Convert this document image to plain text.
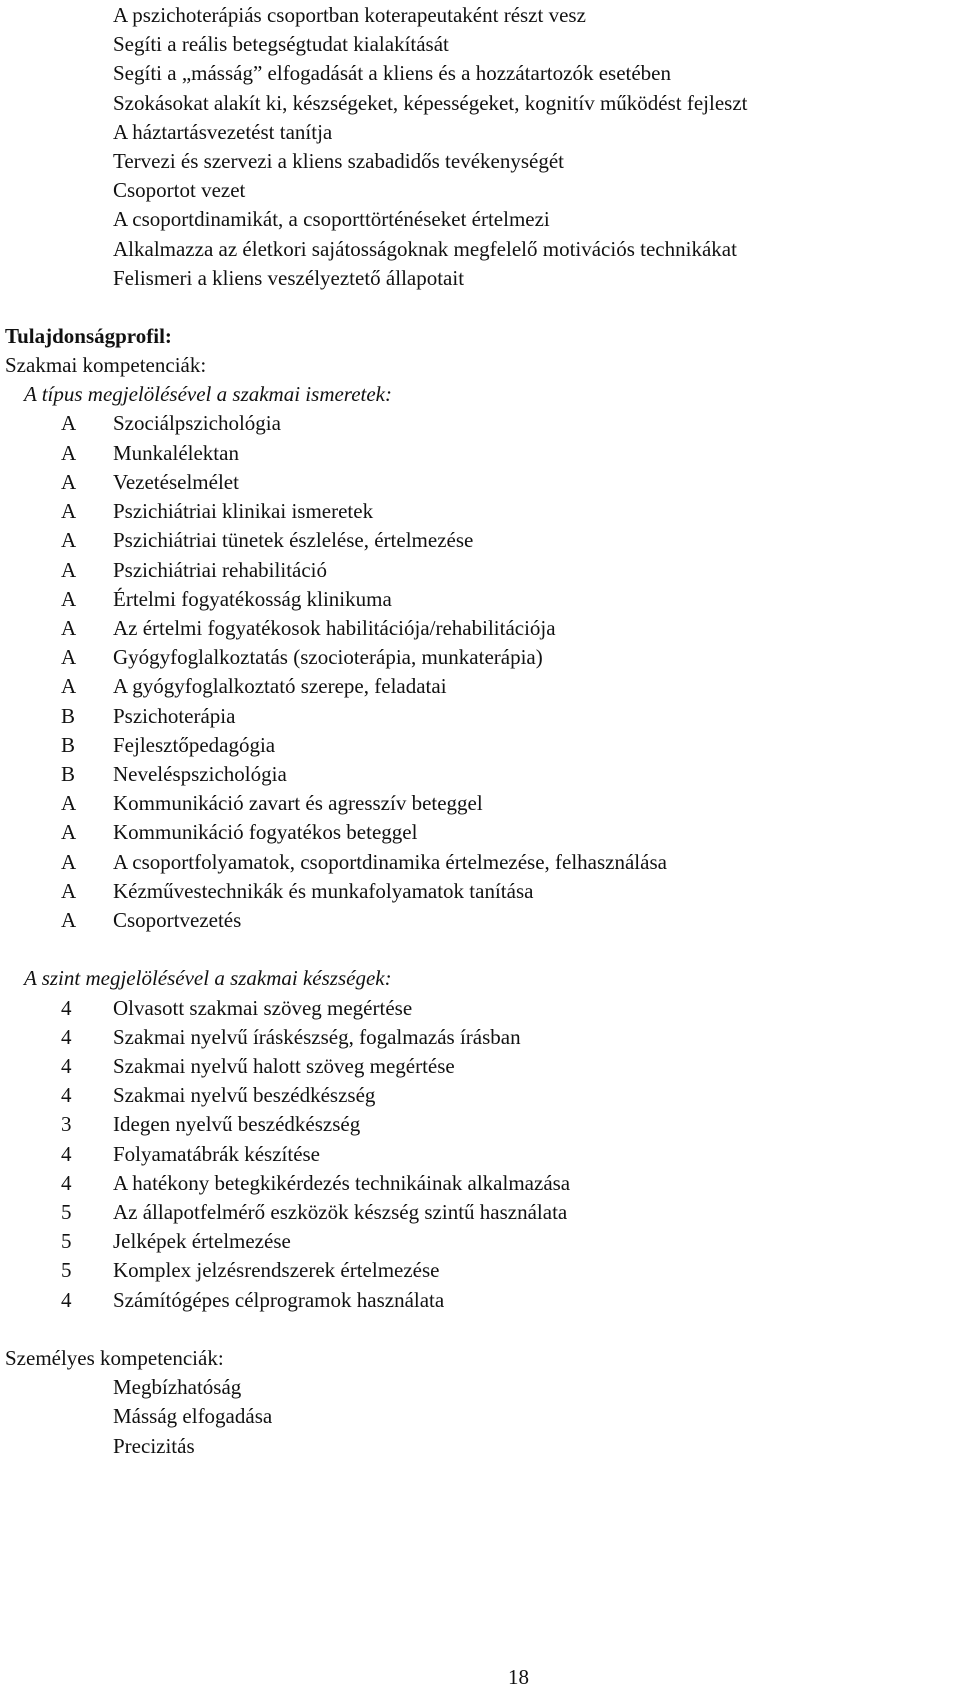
A pszichoterápiás csoportban koterapeutaként részt vesz
Segíti a reális betegségtudat kialakítását
Segíti a „másság” elfogadását a kliens és a hozzátartozók esetében
Szokásokat alakít ki, készségeket, képességeket, kognitív működést fejleszt
A háztartásvezetést tanítja
Tervezi és szervezi a kliens szabadidős tevékenységét
Csoportot vezet
A csoportdinamikát, a csoporttörténéseket értelmezi
Alkalmazza az életkori sajátosságoknak megfelelő motivációs technikákat
Felismeri a kliens veszélyeztető állapotait
Tulajdonságprofil:
Szakmai kompetenciák:
A típus megjelölésével a szakmai ismeretek:
A Szociálpszichológia
A Munkalélektan
A Vezetéselmélet
A Pszichiátriai klinikai ismeretek
A Pszichiátriai tünetek észlelése, értelmezése
A Pszichiátriai rehabilitáció
A Értelmi fogyatékosság klinikuma
A Az értelmi fogyatékosok habilitációja/rehabilitációja
A Gyógyfoglalkoztatás (szocioterápia, munkaterápia)
A A gyógyfoglalkoztató szerepe, feladatai
B Pszichoterápia
B Fejlesztőpedagógia
B Neveléspszichológia
A Kommunikáció zavart és agresszív beteggel
A Kommunikáció fogyatékos beteggel
A A csoportfolyamatok, csoportdinamika értelmezése, felhasználása
A Kézművestechnikák és munkafolyamatok tanítása
A Csoportvezetés
A szint megjelölésével a szakmai készségek:
4 Olvasott szakmai szöveg megértése
4 Szakmai nyelvű íráskészség, fogalmazás írásban
4 Szakmai nyelvű halott szöveg megértése
4 Szakmai nyelvű beszédkészség
3 Idegen nyelvű beszédkészség
4 Folyamatábrák készítése
4 A hatékony betegkikérdezés technikáinak alkalmazása
5 Az állapotfelmérő eszközök készség szintű használata
5 Jelképek értelmezése
5 Komplex jelzésrendszerek értelmezése
4 Számítógépes célprogramok használata
Személyes kompetenciák:
Megbízhatóság
Másság elfogadása
Precizitás
18
